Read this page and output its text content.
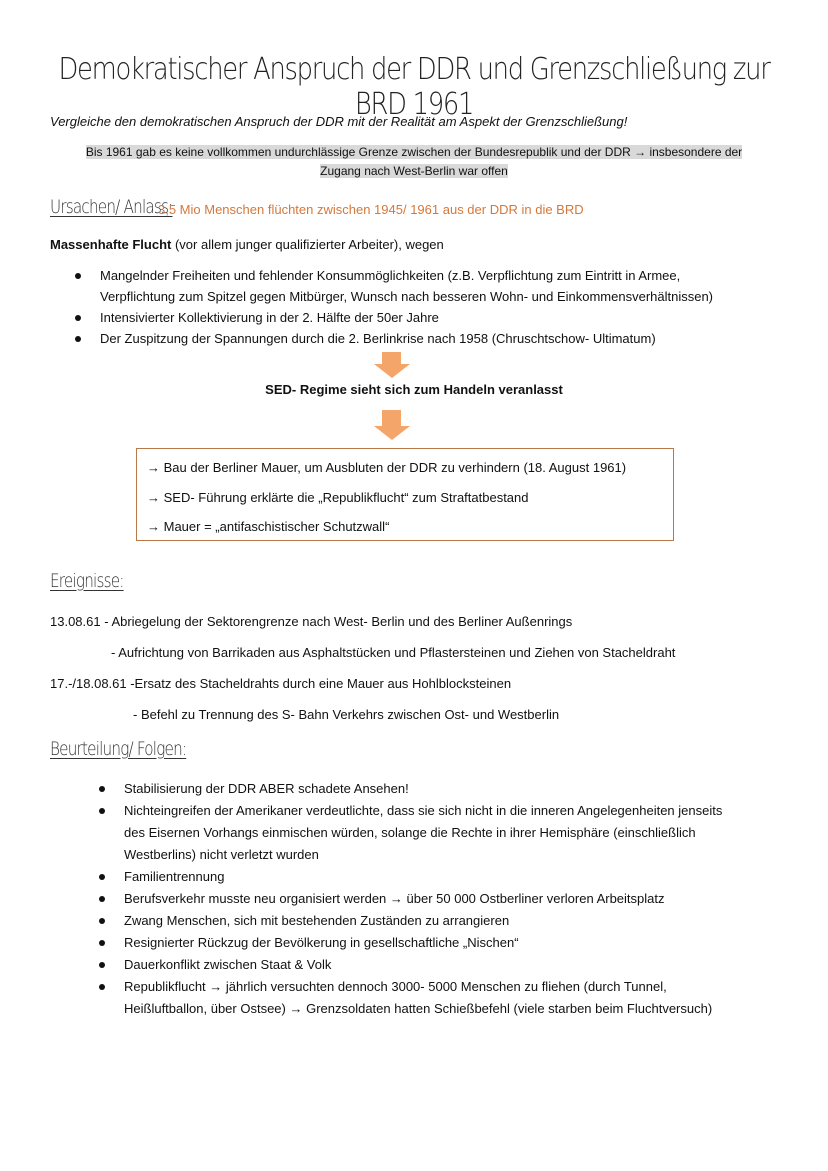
Demokratischer Anspruch der DDR und Grenzschließung zur BRD 1961
Vergleiche den demokratischen Anspruch der DDR mit der Realität am Aspekt der Grenzschließung!
Bis 1961 gab es keine vollkommen undurchlässige Grenze zwischen der Bundesrepublik und der DDR → insbesondere der
Zugang nach West-Berlin war offen
Ursachen/ Anlass:
3,5 Mio Menschen flüchten zwischen 1945/ 1961 aus der DDR in die BRD
Massenhafte Flucht (vor allem junger qualifizierter Arbeiter), wegen
Mangelnder Freiheiten und fehlender Konsummöglichkeiten (z.B. Verpflichtung zum Eintritt in Armee,
Verpflichtung zum Spitzel gegen Mitbürger, Wunsch nach besseren Wohn- und Einkommensverhältnissen)
Intensivierter Kollektivierung in der 2. Hälfte der 50er Jahre
Der Zuspitzung der Spannungen durch die 2. Berlinkrise nach 1958 (Chruschtschow- Ultimatum)
SED- Regime sieht sich zum Handeln veranlasst
→ Bau der Berliner Mauer, um Ausbluten der DDR zu verhindern (18. August 1961)
→ SED- Führung erklärte die „Republikflucht“ zum Straftatbestand
→ Mauer = „antifaschistischer Schutzwall“
Ereignisse:
13.08.61 - Abriegelung der Sektorengrenze nach West- Berlin und des Berliner Außenrings
- Aufrichtung von Barrikaden aus Asphaltstücken und Pflastersteinen und Ziehen von Stacheldraht
17.-/18.08.61 -Ersatz des Stacheldrahts durch eine Mauer aus Hohlblocksteinen
- Befehl zu Trennung des S- Bahn Verkehrs zwischen Ost- und Westberlin
Beurteilung/ Folgen:
Stabilisierung der DDR ABER schadete Ansehen!
Nichteingreifen der Amerikaner verdeutlichte, dass sie sich nicht in die inneren Angelegenheiten jenseits
des Eisernen Vorhangs einmischen würden, solange die Rechte in ihrer Hemisphäre (einschließlich
Westberlins) nicht verletzt wurden
Familientrennung
Berufsverkehr musste neu organisiert werden → über 50 000 Ostberliner verloren Arbeitsplatz
Zwang Menschen, sich mit bestehenden Zuständen zu arrangieren
Resignierter Rückzug der Bevölkerung in gesellschaftliche „Nischen“
Dauerkonflikt zwischen Staat & Volk
Republikflucht → jährlich versuchten dennoch 3000- 5000 Menschen zu fliehen (durch Tunnel,
Heißluftballon, über Ostsee) → Grenzsoldaten hatten Schießbefehl (viele starben beim Fluchtversuch)
